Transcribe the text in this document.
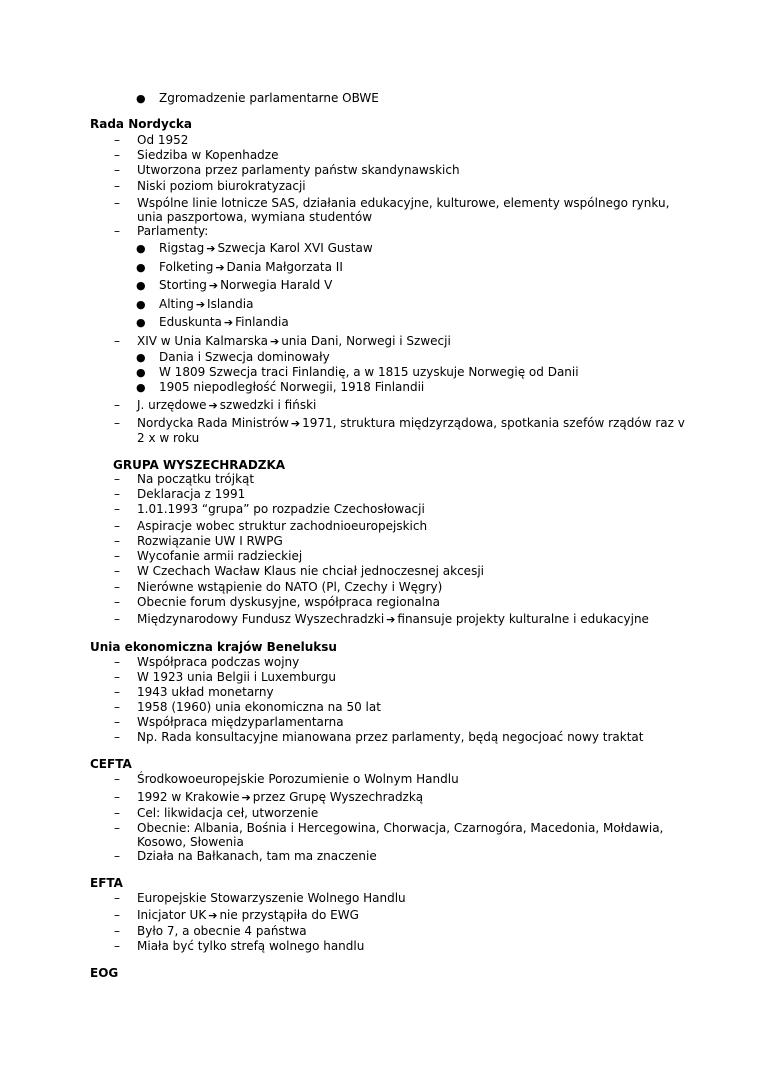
● Zgromadzenie parlamentarne OBWE
Rada Nordycka
–	Od 1952
–	Siedziba w Kopenhadze
–	Utworzona przez parlamenty państw skandynawskich
–	Niski poziom biurokratyzacji
–	Wspólne linie lotnicze SAS, działania edukacyjne, kulturowe, elementy wspólnego rynku,
unia paszportowa, wymiana studentów
–	Parlamenty:
● Rigstag ➔ Szwecja Karol XVI Gustaw
● Folketing ➔ Dania Małgorzata II
● Storting ➔ Norwegia Harald V
● Alting ➔ Islandia
● Eduskunta ➔ Finlandia
–	XIV w Unia Kalmarska ➔ unia Dani, Norwegi i Szwecji
● Dania i Szwecja dominowały
● W 1809 Szwecja traci Finlandię, a w 1815 uzyskuje Norwegię od Danii
● 1905 niepodległość Norwegii, 1918 Finlandii
–	J. urzędowe ➔ szwedzki i fiński
–	Nordycka Rada Ministrów ➔ 1971, struktura międzyrządowa, spotkania szefów rządów raz v
2 x w roku
GRUPA WYSZECHRADZKA
–	Na początku trójkąt
–	Deklaracja z 1991
–	1.01.1993 “grupa” po rozpadzie Czechosłowacji
–	Aspiracje wobec struktur zachodnioeuropejskich
–	Rozwiązanie UW I RWPG
–	Wycofanie armii radzieckiej
–	W Czechach Wacław Klaus nie chciał jednoczesnej akcesji
–	Nierówne wstąpienie do NATO (Pl, Czechy i Węgry)
–	Obecnie forum dyskusyjne, współpraca regionalna
–	Międzynarodowy Fundusz Wyszechradzki ➔ finansuje projekty kulturalne i edukacyjne
Unia ekonomiczna krajów Beneluksu
–	Współpraca podczas wojny
–	W 1923 unia Belgii i Luxemburgu
–	1943 układ monetarny
–	1958 (1960) unia ekonomiczna na 50 lat
–	Współpraca międzyparlamentarna
–	Np. Rada konsultacyjne mianowana przez parlamenty, będą negocjoać nowy traktat
CEFTA
–	Środkowoeuropejskie Porozumienie o Wolnym Handlu
–	1992 w Krakowie ➔ przez Grupę Wyszechradzką
–	Cel: likwidacja ceł, utworzenie
–	Obecnie: Albania, Bośnia i Hercegowina, Chorwacja, Czarnogóra, Macedonia, Mołdawia,
Kosowo, Słowenia
–	Działa na Bałkanach, tam ma znaczenie
EFTA
–	Europejskie Stowarzyszenie Wolnego Handlu
–	Inicjator UK ➔ nie przystąpiła do EWG
–	Było 7, a obecnie 4 państwa
–	Miała być tylko strefą wolnego handlu
EOG
